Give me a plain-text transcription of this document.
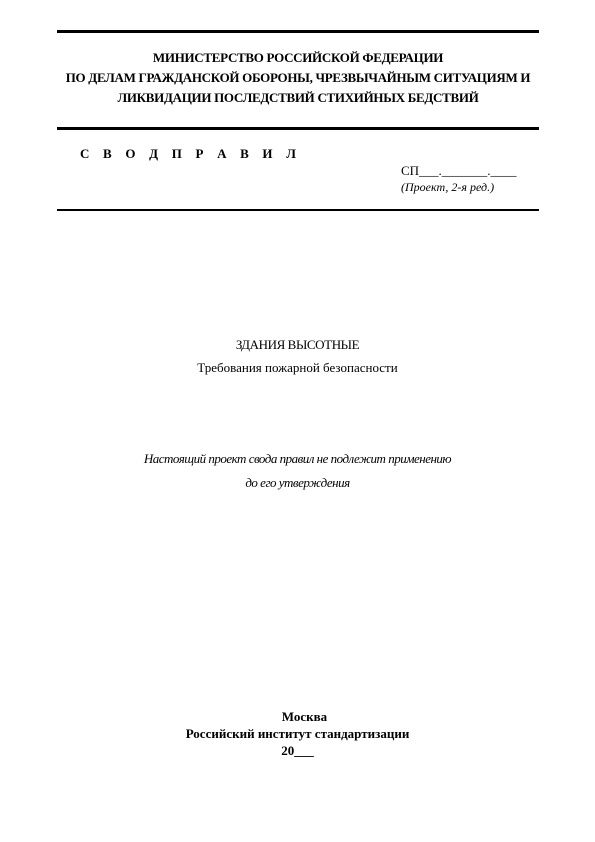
МИНИСТЕРСТВО РОССИЙСКОЙ ФЕДЕРАЦИИ
ПО ДЕЛАМ ГРАЖДАНСКОЙ ОБОРОНЫ, ЧРЕЗВЫЧАЙНЫМ СИТУАЦИЯМ И
ЛИКВИДАЦИИ ПОСЛЕДСТВИЙ СТИХИЙНЫХ БЕДСТВИЙ
С В О Д П Р А В И Л
СП___._______.____
(Проект, 2-я ред.)
ЗДАНИЯ ВЫСОТНЫЕ
Требования пожарной безопасности
Настоящий проект свода правил не подлежит применению
до его утверждения
Москва
Российский институт стандартизации
20___
